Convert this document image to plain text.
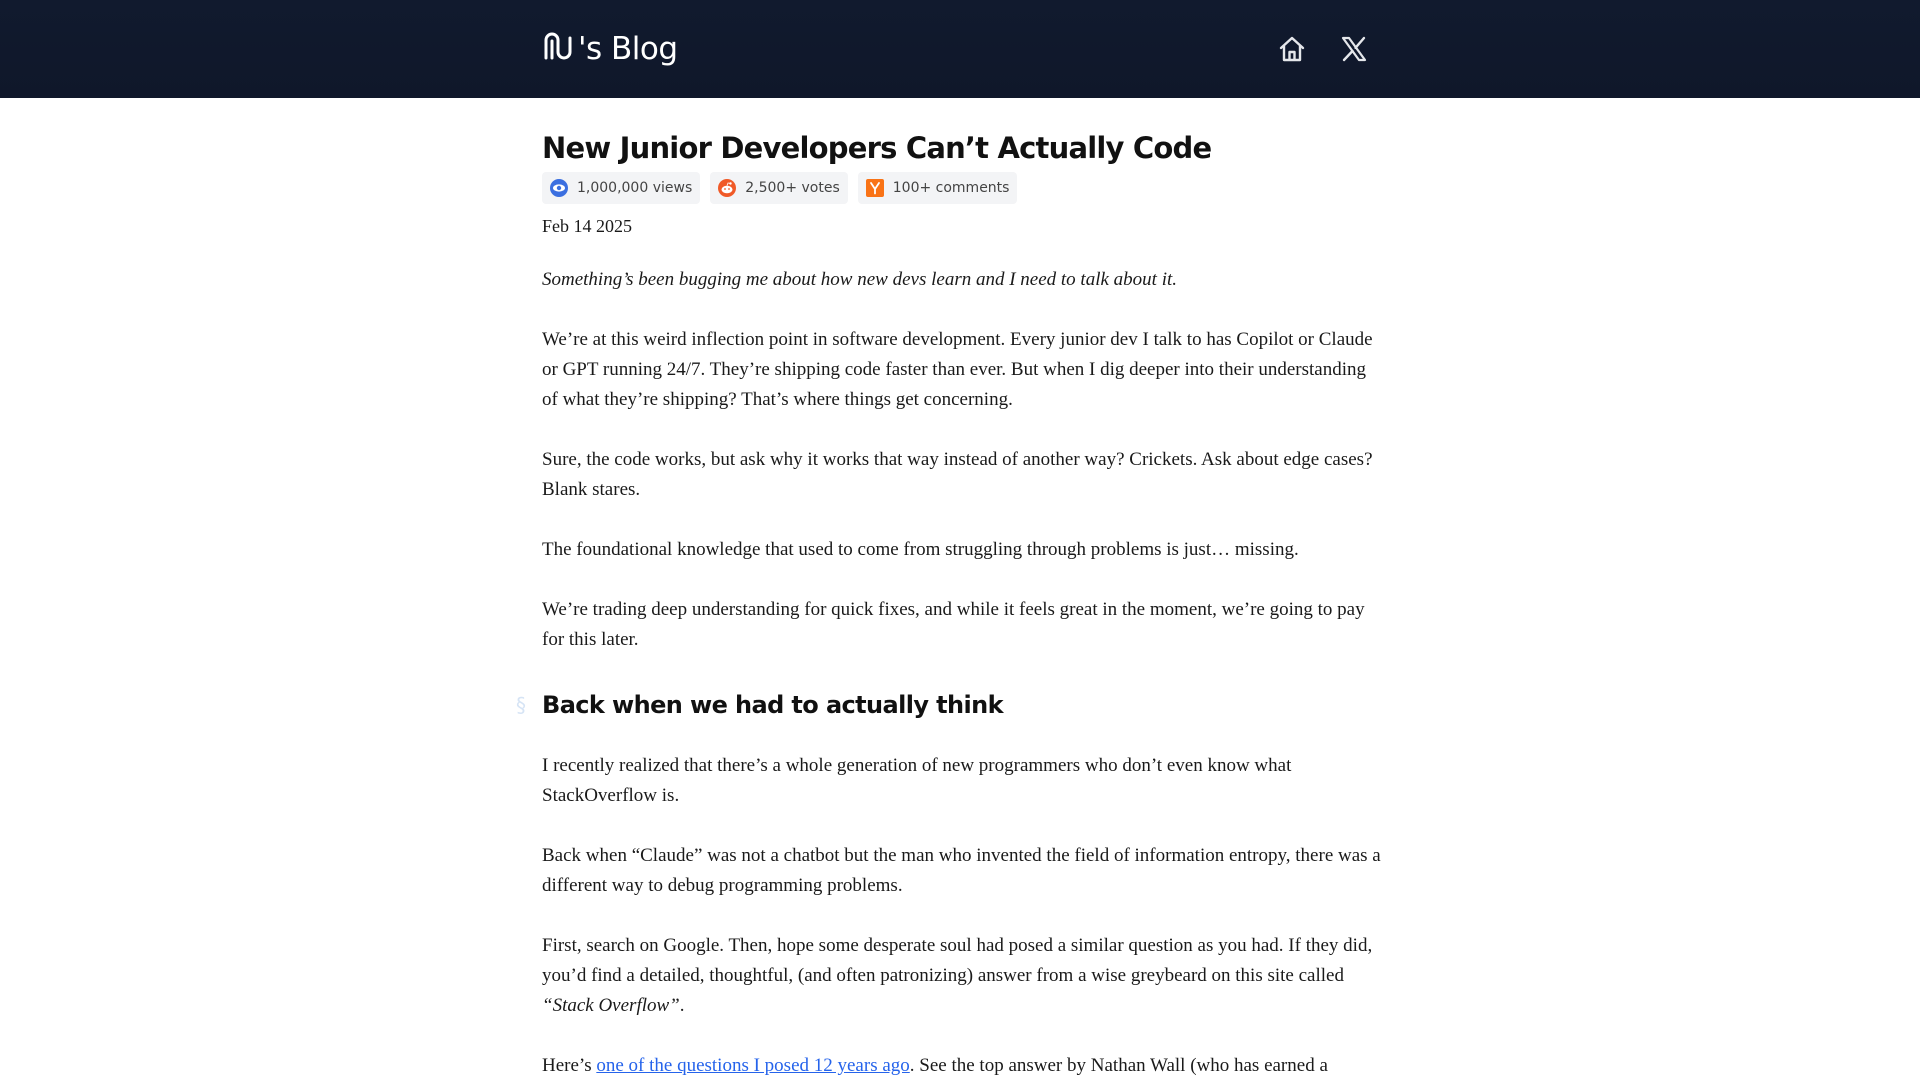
's Blog
New Junior Developers Can’t Actually Code
1,000,000 views	2,500+ votes	100+ comments
Feb 14 2025

Something’s been bugging me about how new devs learn and I need to talk about it.

We’re at this weird inflection point in software development. Every junior dev I talk to has Copilot or Claude or GPT running 24/7. They’re shipping code faster than ever. But when I dig deeper into their understanding of what they’re shipping? That’s where things get concerning.

Sure, the code works, but ask why it works that way instead of another way? Crickets. Ask about edge cases? Blank stares.

The foundational knowledge that used to come from struggling through problems is just… missing.

We’re trading deep understanding for quick fixes, and while it feels great in the moment, we’re going to pay for this later.

§ Back when we had to actually think

I recently realized that there’s a whole generation of new programmers who don’t even know what StackOverflow is.

Back when “Claude” was not a chatbot but the man who invented the field of information entropy, there was a different way to debug programming problems.

First, search on Google. Then, hope some desperate soul had posed a similar question as you had. If they did, you’d find a detailed, thoughtful, (and often patronizing) answer from a wise greybeard on this site called “Stack Overflow”.

Here’s one of the questions I posed 12 years ago. See the top answer by Nathan Wall (who has earned a
